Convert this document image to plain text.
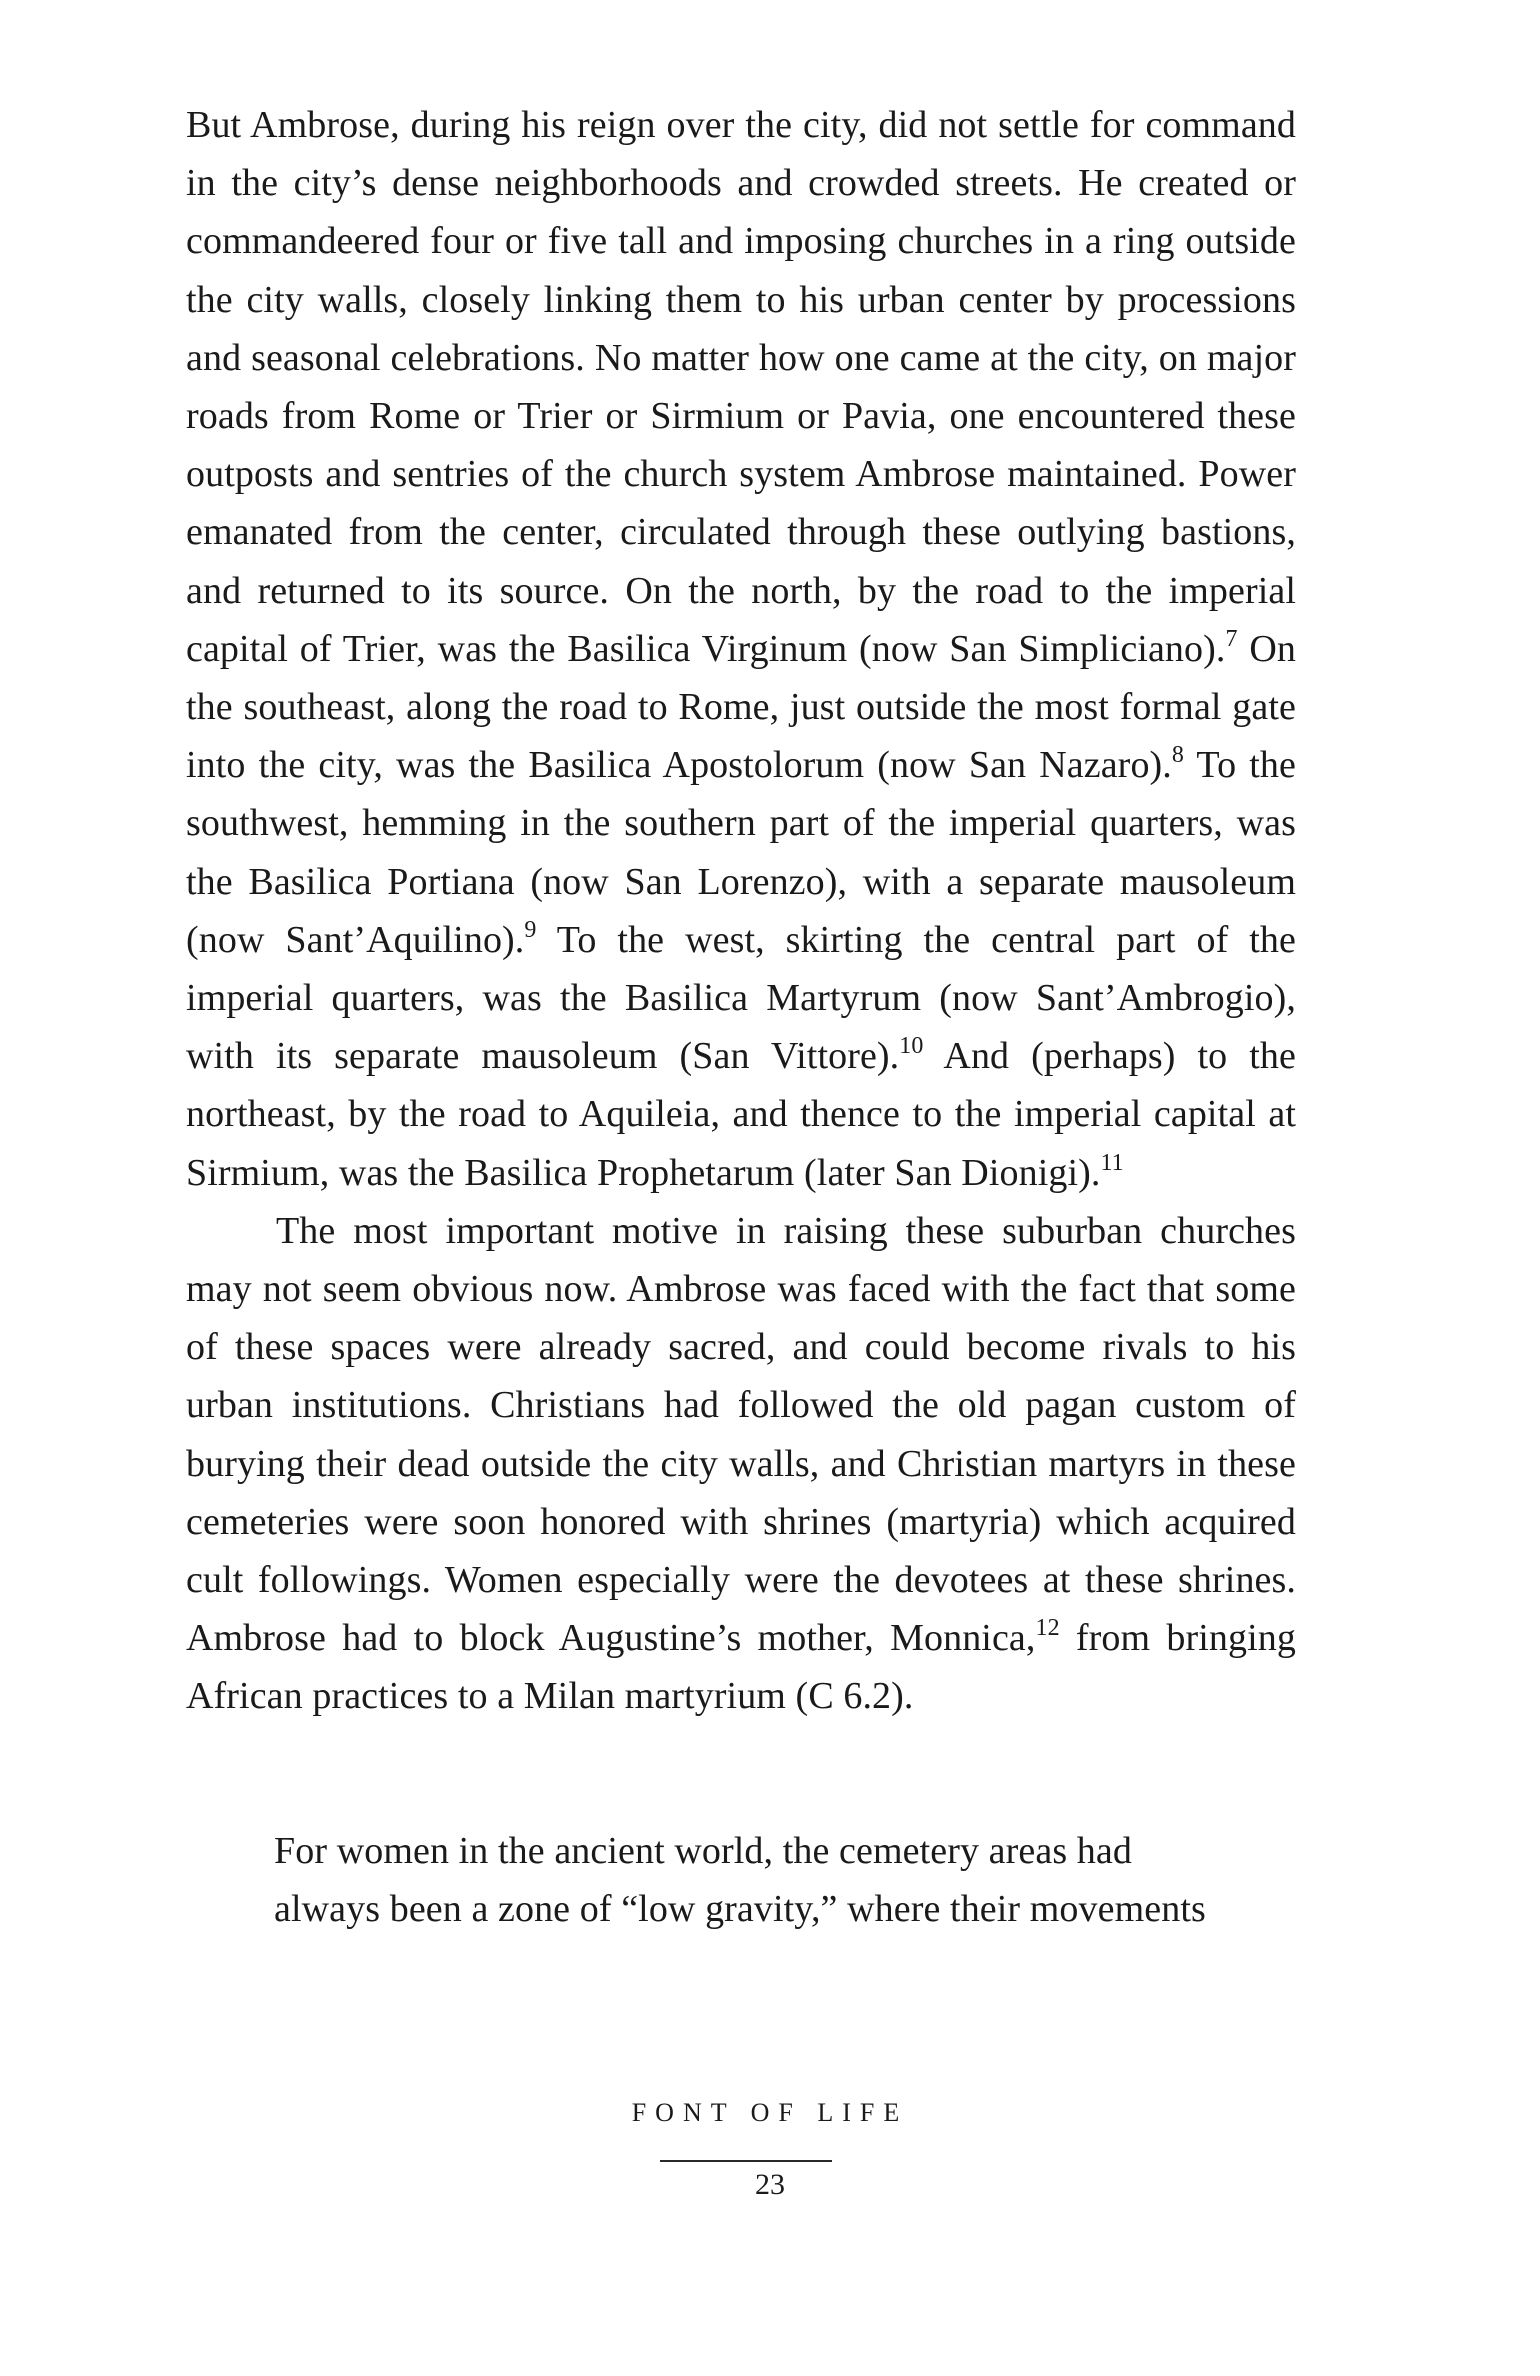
But Ambrose, during his reign over the city, did not settle for command in the city’s dense neighborhoods and crowded streets. He created or commandeered four or five tall and imposing churches in a ring outside the city walls, closely linking them to his urban center by processions and seasonal celebrations. No matter how one came at the city, on major roads from Rome or Trier or Sirmium or Pavia, one encountered these outposts and sentries of the church system Ambrose maintained. Power emanated from the center, circulated through these outlying bastions, and returned to its source. On the north, by the road to the imperial capital of Trier, was the Basilica Virginum (now San Simpliciano).$^7$ On the southeast, along the road to Rome, just outside the most formal gate into the city, was the Basilica Apostolorum (now San Nazaro).$^8$ To the southwest, hemming in the southern part of the imperial quarters, was the Basilica Portiana (now San Lorenzo), with a separate mausoleum (now Sant’Aquilino).$^9$ To the west, skirting the central part of the imperial quarters, was the Basilica Martyrum (now Sant’Ambrogio), with its separate mausoleum (San Vittore).$^{10}$ And (perhaps) to the northeast, by the road to Aquileia, and thence to the imperial capital at Sirmium, was the Basilica Prophetarum (later San Dionigi).$^{11}$

The most important motive in raising these suburban churches may not seem obvious now. Ambrose was faced with the fact that some of these spaces were already sacred, and could become rivals to his urban institutions. Christians had followed the old pagan custom of burying their dead outside the city walls, and Christian martyrs in these cemeteries were soon honored with shrines (martyria) which acquired cult followings. Women especially were the devotees at these shrines. Ambrose had to block Augustine’s mother, Monnica,$^{12}$ from bringing African practices to a Milan martyrium (C 6.2).

For women in the ancient world, the cemetery areas had always been a zone of “low gravity,” where their movements

FONT OF LIFE
23
